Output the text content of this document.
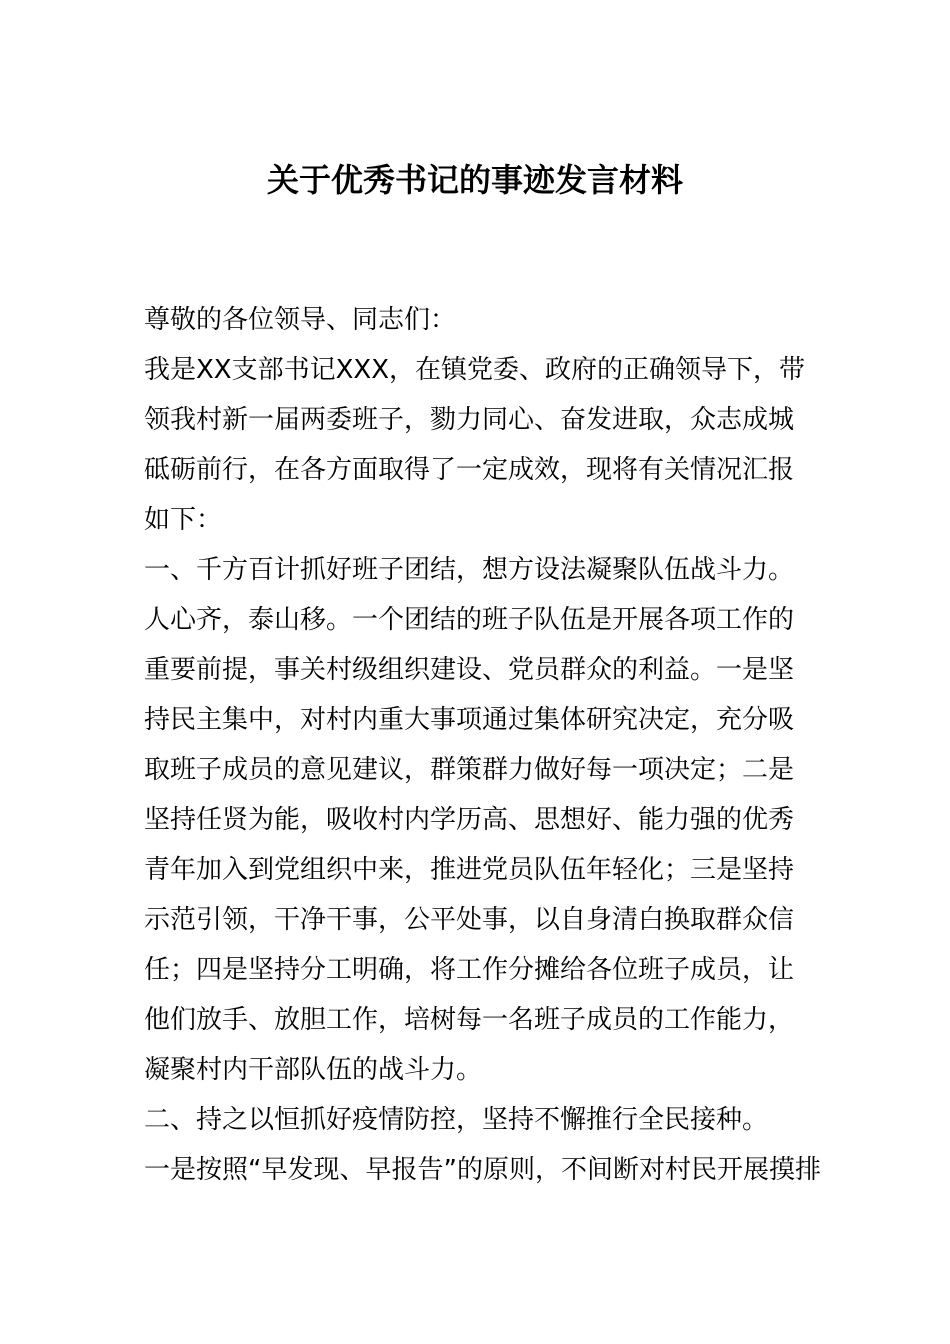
关于优秀书记的事迹发言材料
尊敬的各位领导、同志们：
我是XX支部书记XXX，在镇党委、政府的正确领导下，带
领我村新一届两委班子，勠力同心、奋发进取，众志成城
砥砺前行，在各方面取得了一定成效，现将有关情况汇报
如下：
一、千方百计抓好班子团结，想方设法凝聚队伍战斗力。
人心齐，泰山移。一个团结的班子队伍是开展各项工作的
重要前提，事关村级组织建设、党员群众的利益。一是坚
持民主集中，对村内重大事项通过集体研究决定，充分吸
取班子成员的意见建议，群策群力做好每一项决定；二是
坚持任贤为能，吸收村内学历高、思想好、能力强的优秀
青年加入到党组织中来，推进党员队伍年轻化；三是坚持
示范引领，干净干事，公平处事，以自身清白换取群众信
任；四是坚持分工明确，将工作分摊给各位班子成员，让
他们放手、放胆工作，培树每一名班子成员的工作能力，
凝聚村内干部队伍的战斗力。
二、持之以恒抓好疫情防控，坚持不懈推行全民接种。
一是按照“早发现、早报告”的原则，不间断对村民开展摸排
